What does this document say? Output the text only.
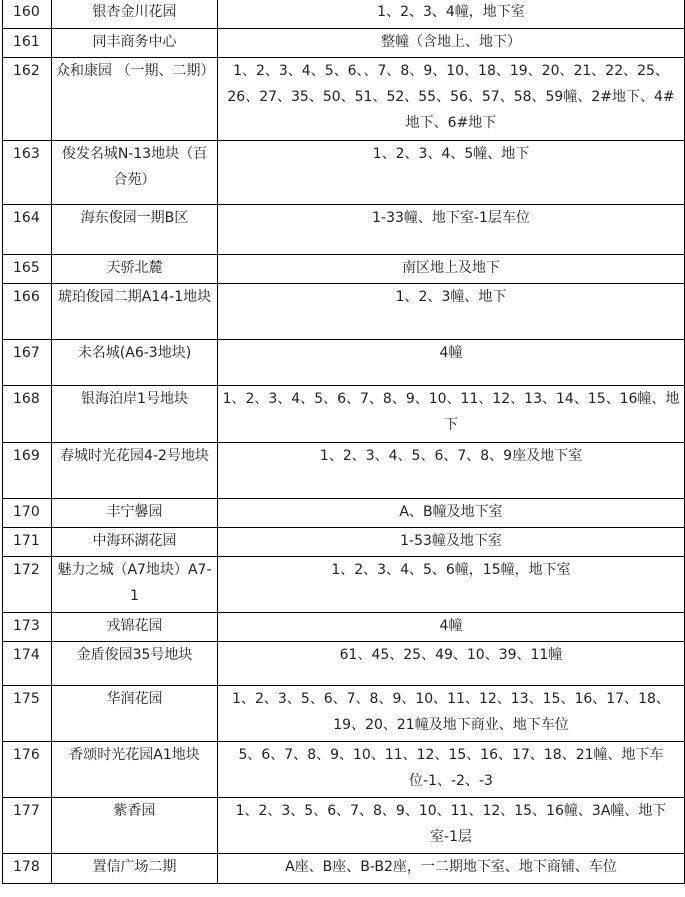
160	银杏金川花园	1、2、3、4幢，地下室
161	同丰商务中心	整幢（含地上、地下）
162	众和康园 （一期、二期）	1、2、3、4、5、6、、7、8、9、10、18、19、20、21、22、25、26、27、35、50、51、52、55、56、57、58、59幢、2#地下、4#地下、6#地下
163	俊发名城N-13地块（百合苑）	1、2、3、4、5幢、地下
164	海东俊园一期B区	1-33幢、地下室-1层车位
165	天骄北麓	南区地上及地下
166	琥珀俊园二期A14-1地块	1、2、3幢、地下
167	未名城(A6-3地块)	4幢
168	银海泊岸1号地块	1、2、3、4、5、6、7、8、9、10、11、12、13、14、15、16幢、地下
169	春城时光花园4-2号地块	1、2、3、4、5、6、7、8、9座及地下室
170	丰宁馨园	A、B幢及地下室
171	中海环湖花园	1-53幢及地下室
172	魅力之城（A7地块）A7-1	1、2、3、4、5、6幢，15幢，地下室
173	戎锦花园	4幢
174	金盾俊园35号地块	61、45、25、49、10、39、11幢
175	华润花园	1、2、3、5、6、7、8、9、10、11、12、13、15、16、17、18、19、20、21幢及地下商业、地下车位
176	香颂时光花园A1地块	5、6、7、8、9、10、11、12、15、16、17、18、21幢、地下车位-1、-2、-3
177	紫香园	1、2、3、5、6、7、8、9、10、11、12、15、16幢、3A幢、地下室-1层
178	置信广场二期	A座、B座、B-B2座，一二期地下室、地下商铺、车位
